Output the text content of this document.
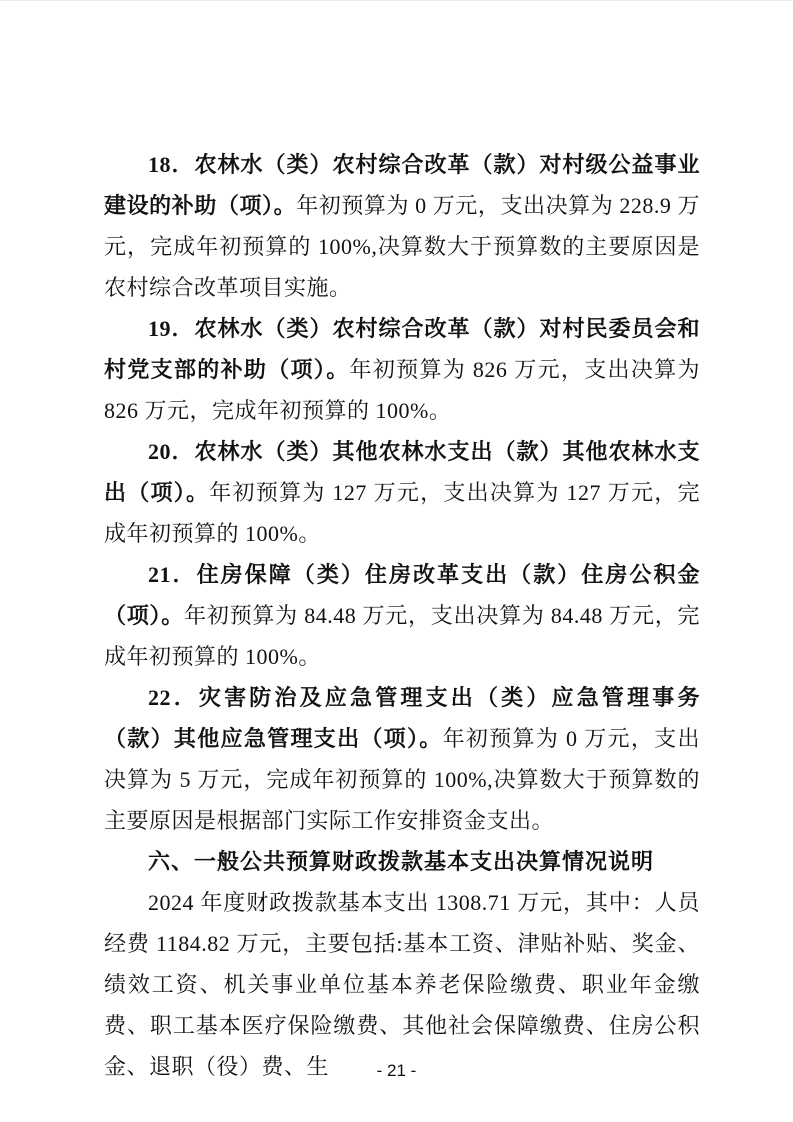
18．农林水（类）农村综合改革（款）对村级公益事业建设的补助（项）。年初预算为 0 万元，支出决算为 228.9 万元，完成年初预算的 100%,决算数大于预算数的主要原因是农村综合改革项目实施。

19．农林水（类）农村综合改革（款）对村民委员会和村党支部的补助（项）。年初预算为 826 万元，支出决算为 826 万元，完成年初预算的 100%。

20．农林水（类）其他农林水支出（款）其他农林水支出（项）。年初预算为 127 万元，支出决算为 127 万元，完成年初预算的 100%。

21．住房保障（类）住房改革支出（款）住房公积金（项）。年初预算为 84.48 万元，支出决算为 84.48 万元，完成年初预算的 100%。

22．灾害防治及应急管理支出（类）应急管理事务（款）其他应急管理支出（项）。年初预算为 0 万元，支出决算为 5 万元，完成年初预算的 100%,决算数大于预算数的主要原因是根据部门实际工作安排资金支出。

六、一般公共预算财政拨款基本支出决算情况说明

2024 年度财政拨款基本支出 1308.71 万元，其中：人员经费 1184.82 万元，主要包括:基本工资、津贴补贴、奖金、绩效工资、机关事业单位基本养老保险缴费、职业年金缴费、职工基本医疗保险缴费、其他社会保障缴费、住房公积金、退职（役）费、生	- 21 -
